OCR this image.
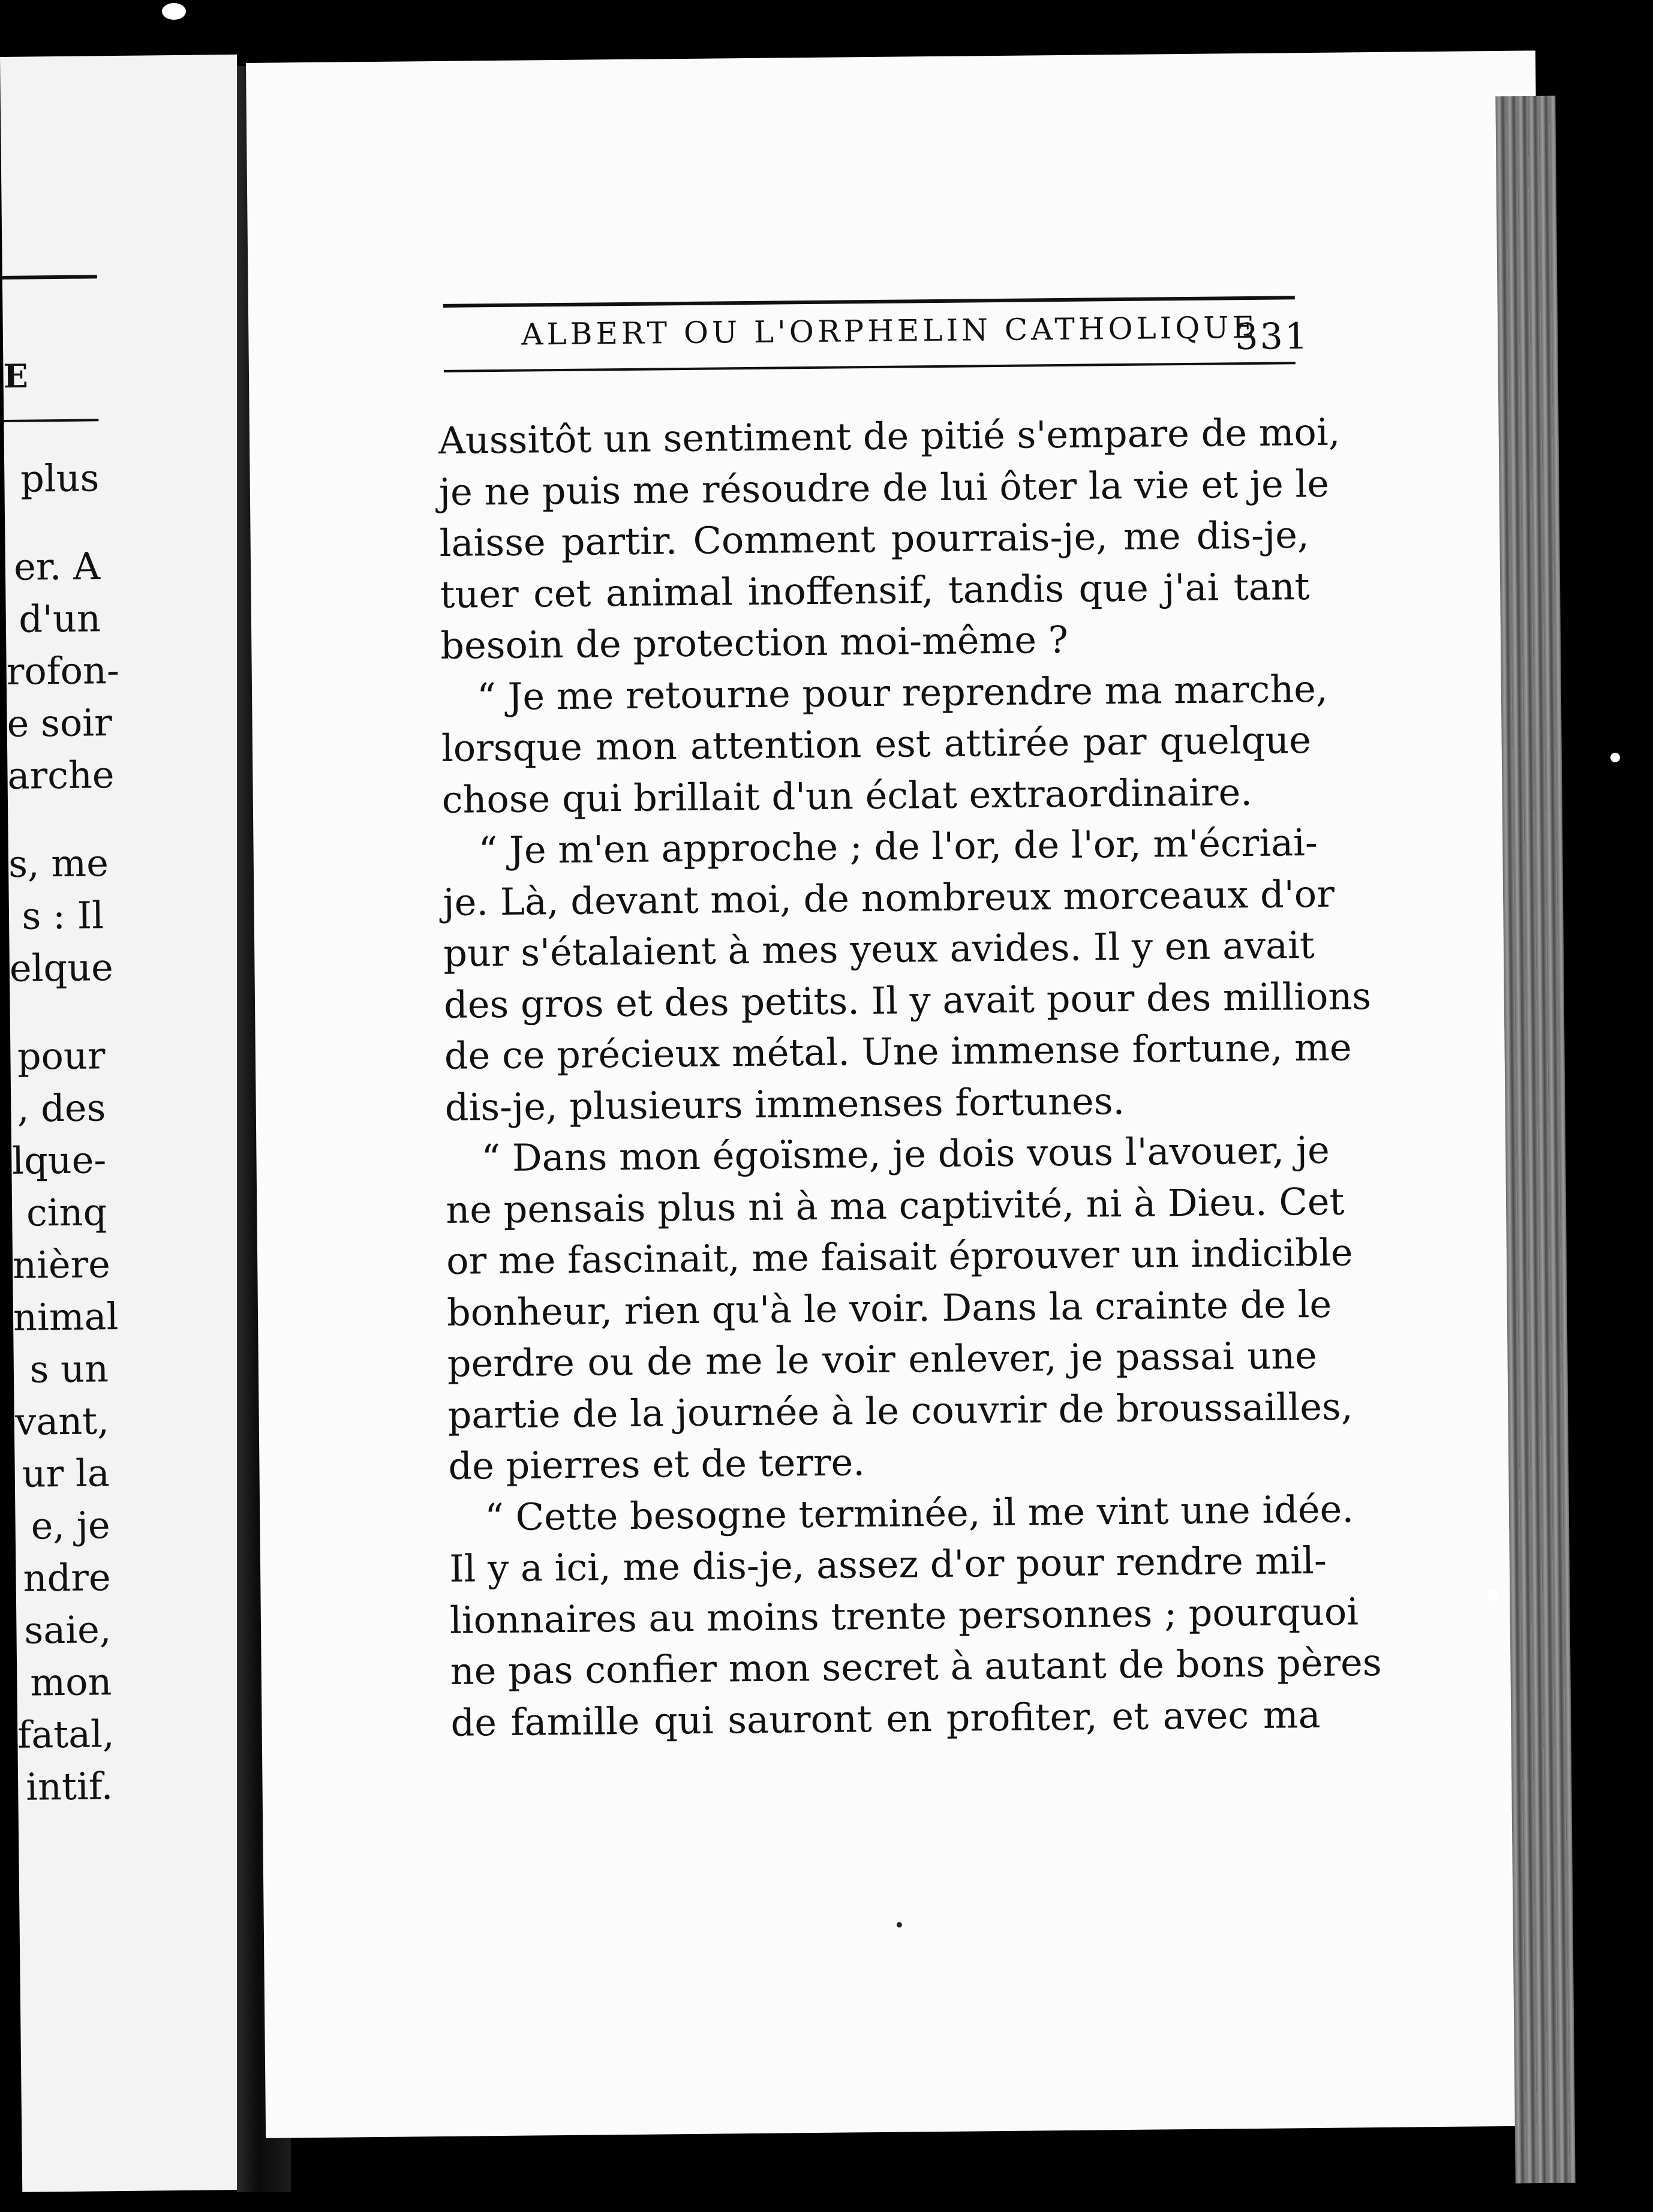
E
plus
er. A
d'un
rofon-
e soir
arche
s, me
s : Il
elque
pour
, des
lque-
cinq
nière
nimal
s un
vant,
ur la
e, je
ndre
saie,
mon
fatal,
intif.
ALBERT OU L'ORPHELIN CATHOLIQUE
331
Aussitôt un sentiment de pitié s'empare de moi,
je ne puis me résoudre de lui ôter la vie et je le
laisse partir. Comment pourrais-je, me dis-je,
tuer cet animal inoffensif, tandis que j'ai tant
besoin de protection moi-même ?
“ Je me retourne pour reprendre ma marche,
lorsque mon attention est attirée par quelque
chose qui brillait d'un éclat extraordinaire.
“ Je m'en approche ; de l'or, de l'or, m'écriai-
je. Là, devant moi, de nombreux morceaux d'or
pur s'étalaient à mes yeux avides. Il y en avait
des gros et des petits. Il y avait pour des millions
de ce précieux métal. Une immense fortune, me
dis-je, plusieurs immenses fortunes.
“ Dans mon égoïsme, je dois vous l'avouer, je
ne pensais plus ni à ma captivité, ni à Dieu. Cet
or me fascinait, me faisait éprouver un indicible
bonheur, rien qu'à le voir. Dans la crainte de le
perdre ou de me le voir enlever, je passai une
partie de la journée à le couvrir de broussailles,
de pierres et de terre.
“ Cette besogne terminée, il me vint une idée.
Il y a ici, me dis-je, assez d'or pour rendre mil-
lionnaires au moins trente personnes ; pourquoi
ne pas confier mon secret à autant de bons pères
de famille qui sauront en profiter, et avec ma
